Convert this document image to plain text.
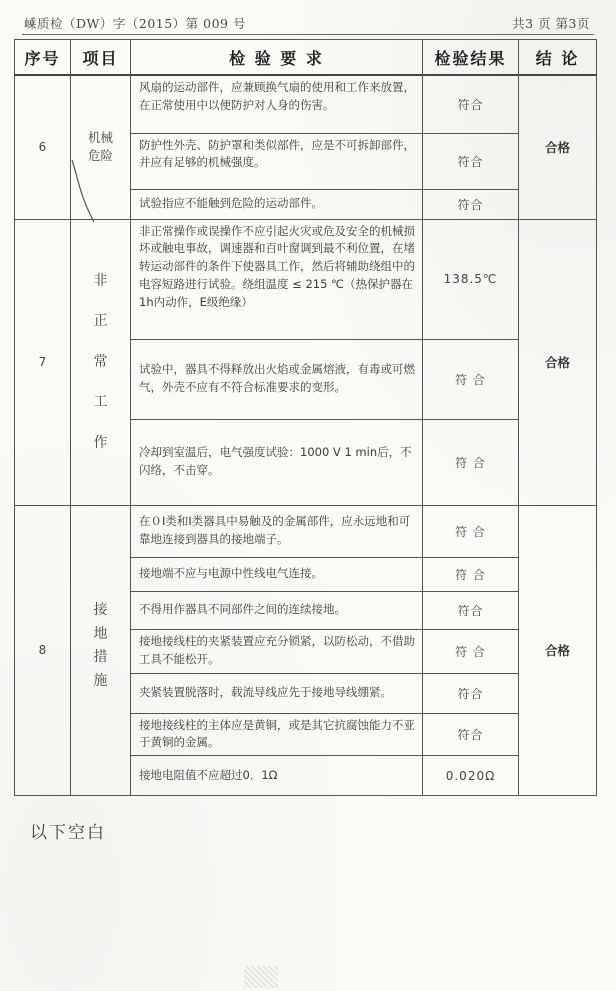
嵊质检（DW）字（2015）第 009 号	共3 页 第3页
序号	项目	检 验 要 求	检验结果	结 论
6	机械危险	风扇的运动部件，应兼顾换气扇的使用和工作来放置，在正常使用中以便防护对人身的伤害。	符合	合格
		防护性外壳、防护罩和类似部件，应是不可拆卸部件，并应有足够的机械强度。	符合	
		试验指应不能触到危险的运动部件。	符合	
7	非正常工作	非正常操作或误操作不应引起火灾或危及安全的机械损坏或触电事故，调速器和百叶窗调到最不利位置，在堵转运动部件的条件下使器具工作，然后将辅助绕组中的电容短路进行试验。绕组温度 ≤ 215 ℃（热保护器在1h内动作，E级绝缘）	138.5℃	合格
		试验中，器具不得释放出火焰或金属熔液，有毒或可燃气，外壳不应有不符合标准要求的变形。	符 合	
		冷却到室温后，电气强度试验：1000 V 1 min后，不闪络，不击穿。	符 合	
8	接地措施	在０Ⅰ类和Ⅰ类器具中易触及的金属部件，应永远地和可靠地连接到器具的接地端子。	符 合	合格
		接地端不应与电源中性线电气连接。	符 合	
		不得用作器具不同部件之间的连续接地。	符合	
		接地接线柱的夹紧装置应充分锁紧，以防松动，不借助工具不能松开。	符 合	
		夹紧装置脱落时，载流导线应先于接地导线绷紧。	符合	
		接地接线柱的主体应是黄铜，或是其它抗腐蚀能力不亚于黄铜的金属。	符合	
		接地电阻值不应超过0．1Ω	0.020Ω	
以下空白
